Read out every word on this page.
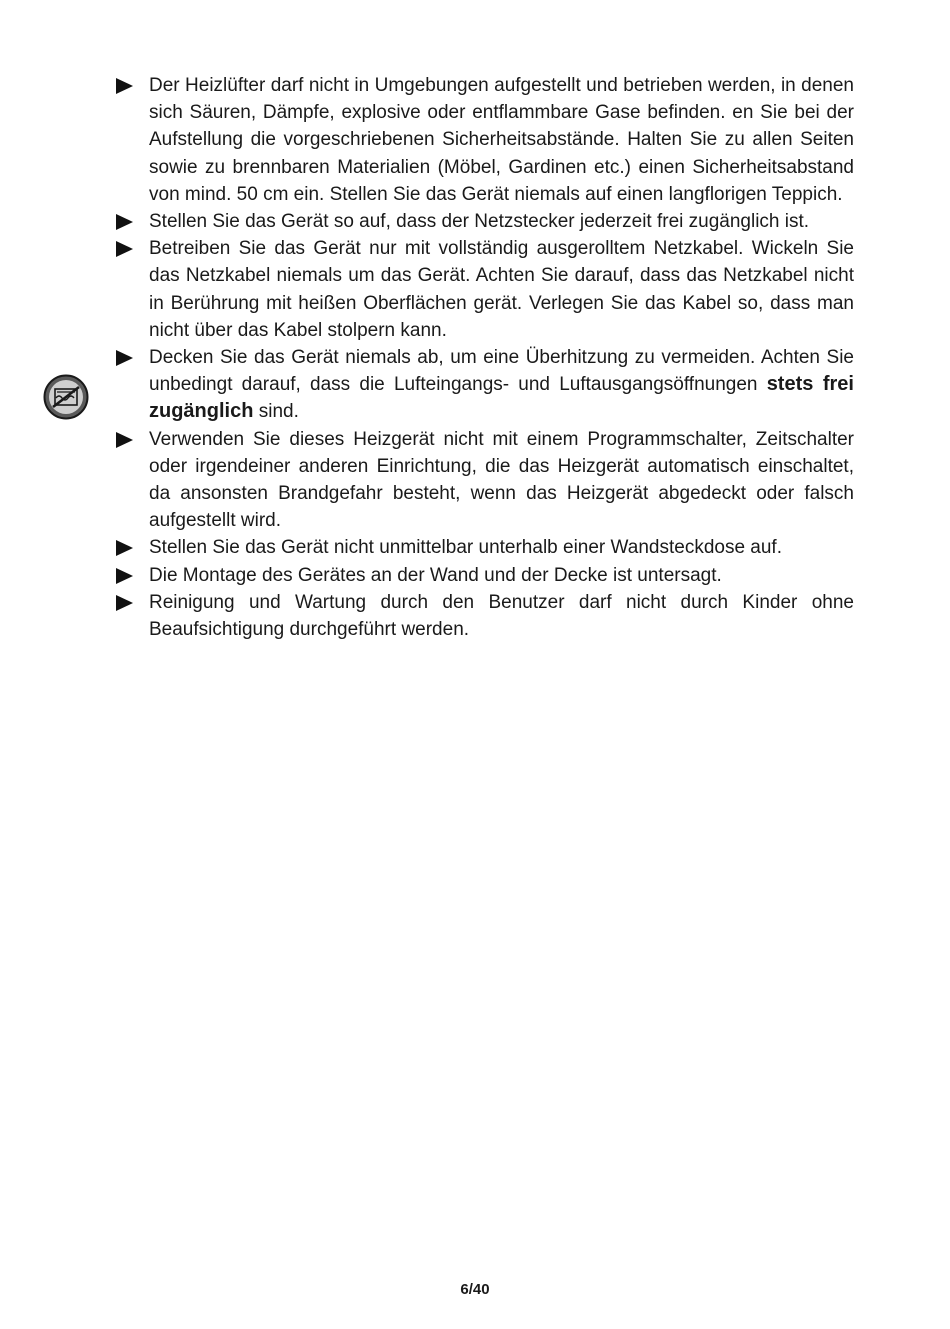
Der Heizlüfter darf nicht in Umgebungen aufgestellt und betrieben werden, in denen sich Säuren, Dämpfe, explosive oder entflammbare Gase befinden. en Sie bei der Aufstellung die vorgeschriebenen Sicherheitsabstände. Halten Sie zu allen Seiten sowie zu brennbaren Materialien (Möbel, Gardinen etc.) einen Sicherheitsabstand von mind. 50 cm ein. Stellen Sie das Gerät niemals auf einen langflorigen Teppich.
Stellen Sie das Gerät so auf, dass der Netzstecker jederzeit frei zugänglich ist.
Betreiben Sie das Gerät nur mit vollständig ausgerolltem Netzkabel. Wickeln Sie das Netzkabel niemals um das Gerät. Achten Sie darauf, dass das Netzkabel nicht in Berührung mit heißen Oberflächen gerät. Verlegen Sie das Kabel so, dass man nicht über das Kabel stolpern kann.
Decken Sie das Gerät niemals ab, um eine Überhitzung zu vermeiden. Achten Sie unbedingt darauf, dass die Lufteingangs- und Luftausgangsöffnungen stets frei zugänglich sind.
Verwenden Sie dieses Heizgerät nicht mit einem Programmschalter, Zeitschalter oder irgendeiner anderen Einrichtung, die das Heizgerät automatisch einschaltet, da ansonsten Brandgefahr besteht, wenn das Heizgerät abgedeckt oder falsch aufgestellt wird.
Stellen Sie das Gerät nicht unmittelbar unterhalb einer Wandsteckdose auf.
Die Montage des Gerätes an der Wand und der Decke ist untersagt.
Reinigung und Wartung durch den Benutzer darf nicht durch Kinder ohne Beaufsichtigung durchgeführt werden.
6/40
